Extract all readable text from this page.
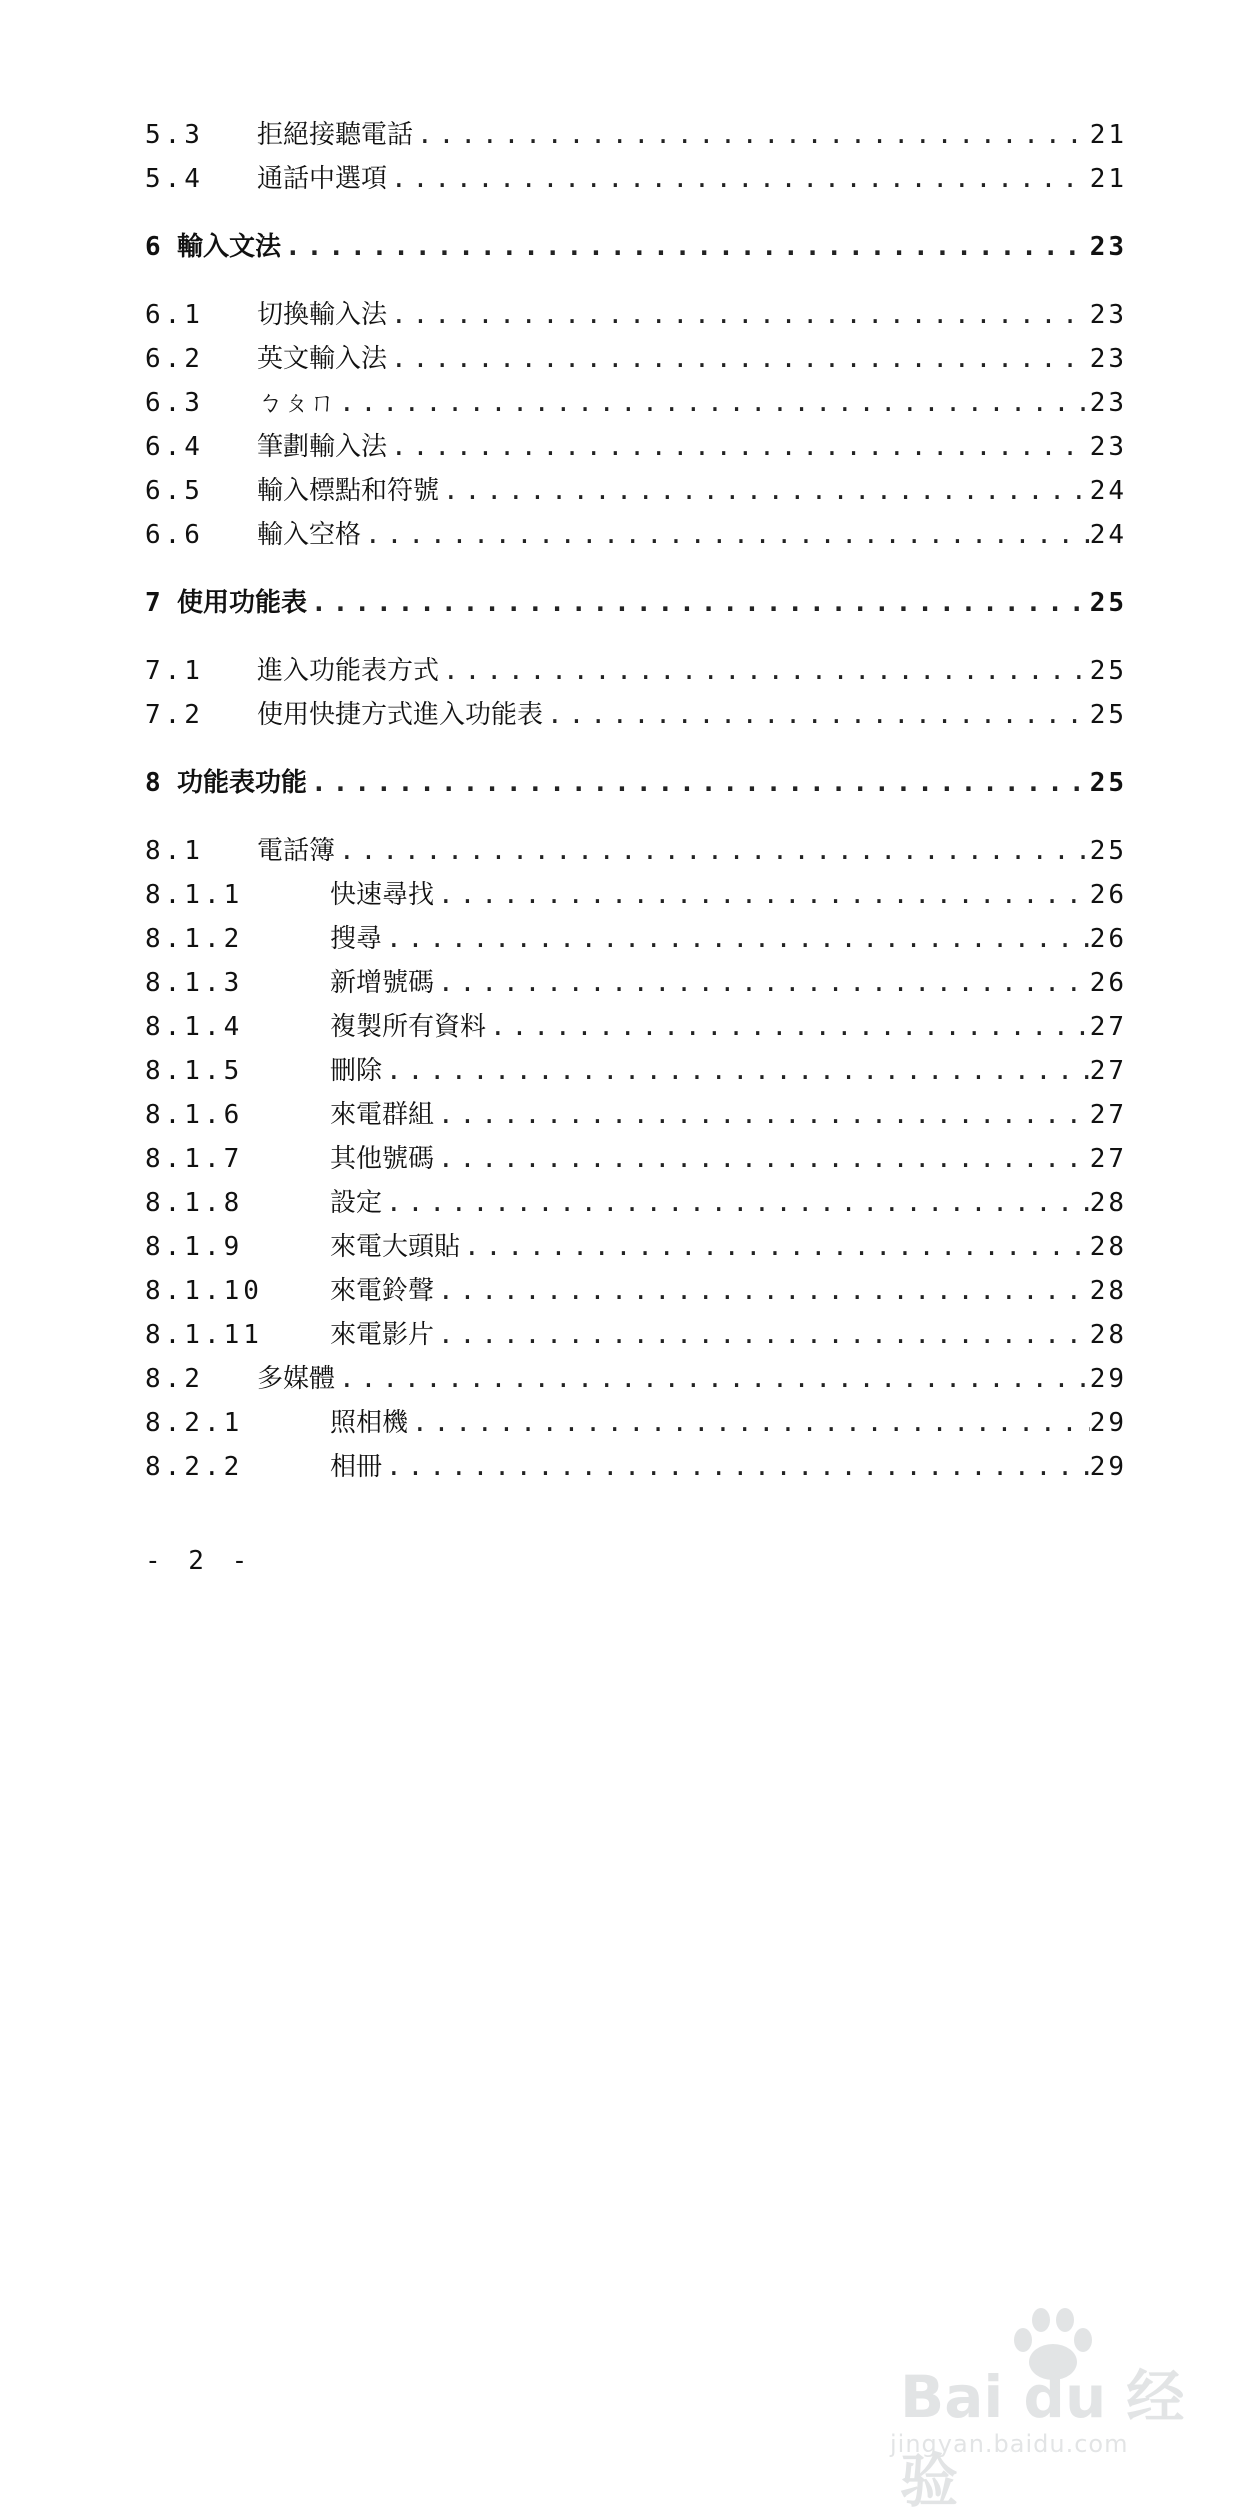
5.3	拒絕接聽電話 .....	21
5.4	通話中選項 .....	21
6 輸入文法 .....	23
6.1	切換輸入法 .....	23
6.2	英文輸入法 .....	23
6.3	ㄅㄆㄇ .....	23
6.4	筆劃輸入法 .....	23
6.5	輸入標點和符號 .....	24
6.6	輸入空格 .....	24
7 使用功能表 .....	25
7.1	進入功能表方式 .....	25
7.2	使用快捷方式進入功能表 .....	25
8 功能表功能 .....	25
8.1	電話簿 .....	25
8.1.1	快速尋找 .....	26
8.1.2	搜尋 .....	26
8.1.3	新增號碼 .....	26
8.1.4	複製所有資料 .....	27
8.1.5	刪除 .....	27
8.1.6	來電群組 .....	27
8.1.7	其他號碼 .....	27
8.1.8	設定 .....	28
8.1.9	來電大頭貼 .....	28
8.1.10	來電鈴聲 .....	28
8.1.11	來電影片 .....	28
8.2	多媒體 .....	29
8.2.1	照相機 .....	29
8.2.2	相冊 .....	29
- 2 -
Bai du 经验
jingyan.baidu.com
